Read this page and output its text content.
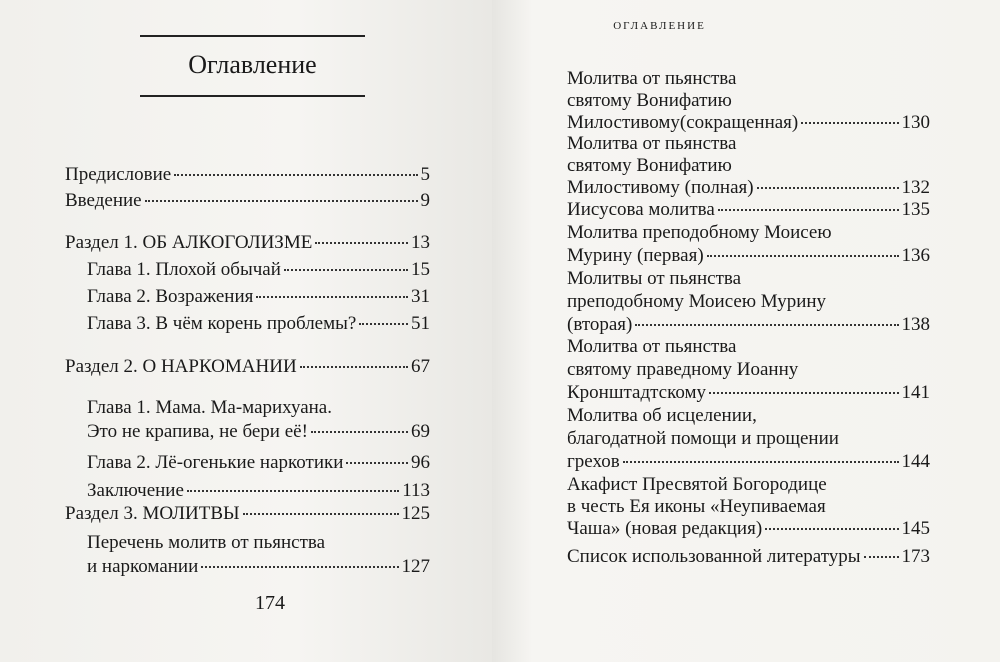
Оглавление
174
Предисловие	5
Введение	9
Раздел 1. ОБ АЛКОГОЛИЗМЕ	13
Глава 1. Плохой обычай	15
Глава 2. Возражения	31
Глава 3. В чём корень проблемы?	51
Раздел 2. О НАРКОМАНИИ	67
Глава 1. Мама. Ма-марихуана.
Это не крапива, не бери её!	69
Глава 2. Лё-огенькие наркотики	96
Заключение	113
Раздел 3. МОЛИТВЫ	125
Перечень молитв от пьянства
и наркомании	127
ОГЛАВЛЕНИЕ
Молитва от пьянства
святому Вонифатию
Милостивому(сокращенная)	130
Молитва от пьянства
святому Вонифатию
Милостивому (полная)	132
Иисусова молитва	135
Молитва преподобному Моисею
Мурину (первая)	136
Молитвы от пьянства
преподобному Моисею Мурину
(вторая)	138
Молитва от пьянства
святому праведному Иоанну
Кронштадтскому	141
Молитва об исцелении,
благодатной помощи и прощении
грехов	144
Акафист Пресвятой Богородице
в честь Ея иконы «Неупиваемая
Чаша» (новая редакция)	145
Список использованной литературы 173
